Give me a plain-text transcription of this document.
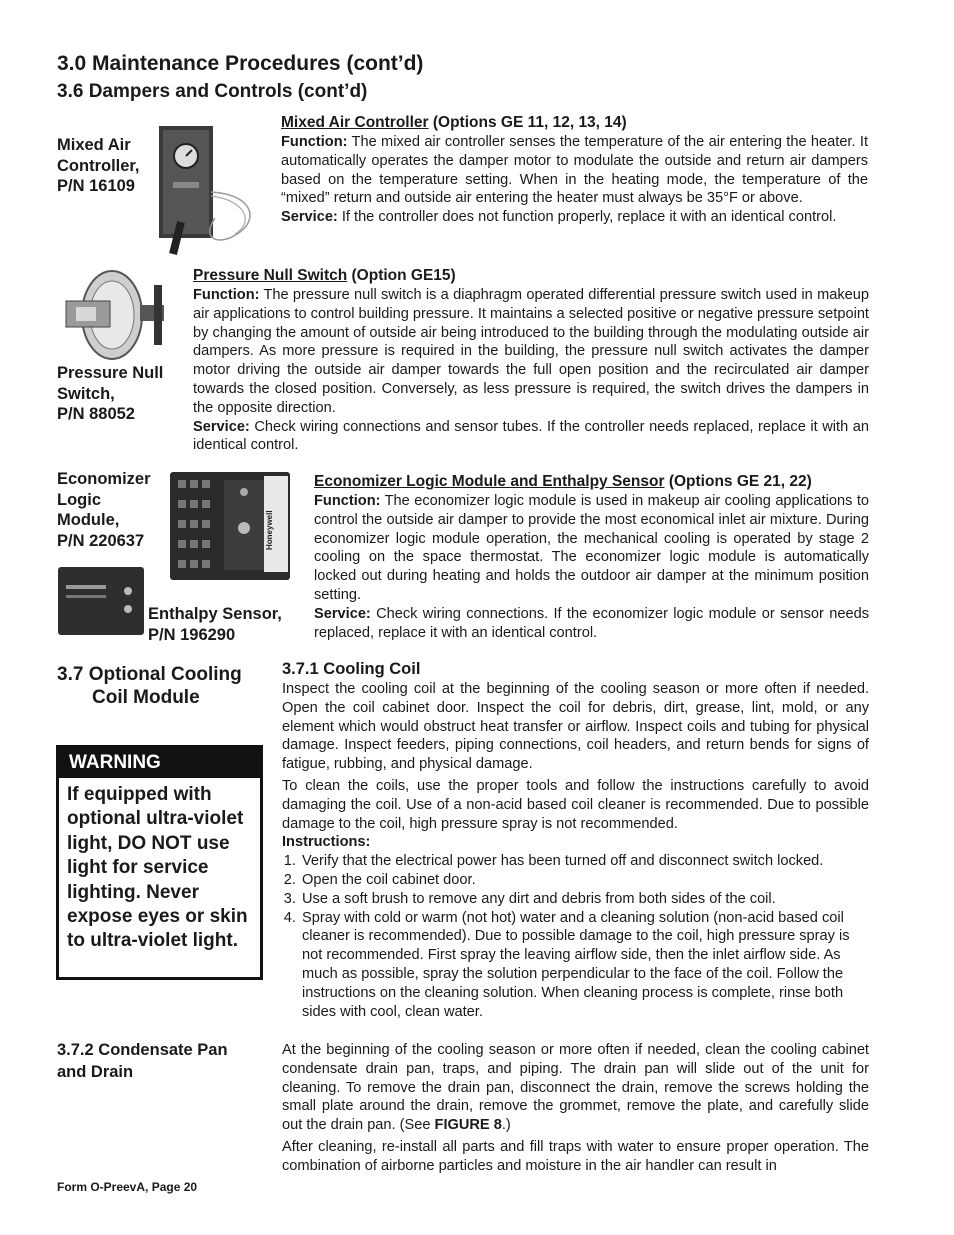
3.0 Maintenance Procedures (cont’d)
3.6 Dampers and Controls (cont’d)
Mixed Air
Controller,
P/N 16109
Mixed Air Controller (Options GE 11, 12, 13, 14)

Function: The mixed air controller senses the temperature of the air entering the heater. It automatically operates the damper motor to modulate the outside and return air dampers based on the temperature setting. When in the heating mode, the temperature of the “mixed” return and outside air entering the heater must always be 35°F or above.

Service: If the controller does not function properly, replace it with an identical control.

Pressure Null
Switch,
P/N 88052
Pressure Null Switch (Option GE15)

Function: The pressure null switch is a diaphragm operated differential pressure switch used in makeup air applications to control building pressure. It maintains a selected positive or negative pressure setpoint by changing the amount of outside air being introduced to the building through the modulating outside air dampers. As more pressure is required in the building, the pressure null switch activates the damper motor driving the outside air damper towards the full open position and the recirculated air damper towards the closed position. Conversely, as less pressure is required, the switch drives the dampers in the opposite direction.

Service: Check wiring connections and sensor tubes. If the controller needs replaced, replace it with an identical control.

Economizer
Logic
Module,
P/N 220637	Honeywell
Enthalpy Sensor,
P/N 196290
Economizer Logic Module and Enthalpy Sensor (Options GE 21, 22)

Function: The economizer logic module is used in makeup air cooling applications to control the outside air damper to provide the most economical inlet air mixture. During economizer logic module operation, the mechanical cooling is operated by stage 2 cooling on the space thermostat. The economizer logic module is automatically locked out during heating and holds the outdoor air damper at the minimum position setting.

Service: Check wiring connections. If the economizer logic module or sensor needs replaced, replace it with an identical control.

3.7 Optional Cooling
Coil Module
WARNING
If equipped with optional ultra-violet light, DO NOT use light for service lighting. Never expose eyes or skin to ultra-violet light.
3.7.1 Cooling Coil

Inspect the cooling coil at the beginning of the cooling season or more often if needed. Open the coil cabinet door. Inspect the coil for debris, dirt, grease, lint, mold, or any element which would obstruct heat transfer or airflow. Inspect coils and tubing for physical damage. Inspect feeders, piping connections, coil headers, and return bends for signs of fatigue, rubbing, and physical damage.

To clean the coils, use the proper tools and follow the instructions carefully to avoid damaging the coil. Use of a non-acid based coil cleaner is recommended. Due to possible damage to the coil, high pressure spray is not recommended.

Instructions:

1. Verify that the electrical power has been turned off and disconnect switch locked.
2. Open the coil cabinet door.
3. Use a soft brush to remove any dirt and debris from both sides of the coil.
4. Spray with cold or warm (not hot) water and a cleaning solution (non-acid based coil cleaner is recommended). Due to possible damage to the coil, high pressure spray is not recommended. First spray the leaving airflow side, then the inlet airflow side. As much as possible, spray the solution perpendicular to the face of the coil. Follow the instructions on the cleaning solution. When cleaning process is complete, rinse both sides with cool, clean water.
3.7.2 Condensate Pan
and Drain

At the beginning of the cooling season or more often if needed, clean the cooling cabinet condensate drain pan, traps, and piping. The drain pan will slide out of the unit for cleaning. To remove the drain pan, disconnect the drain, remove the screws holding the small plate around the drain, remove the grommet, remove the plate, and carefully slide out the drain pan. (See FIGURE 8.)

After cleaning, re-install all parts and fill traps with water to ensure proper operation. The combination of airborne particles and moisture in the air handler can result in

Form O-PreevA, Page 20
